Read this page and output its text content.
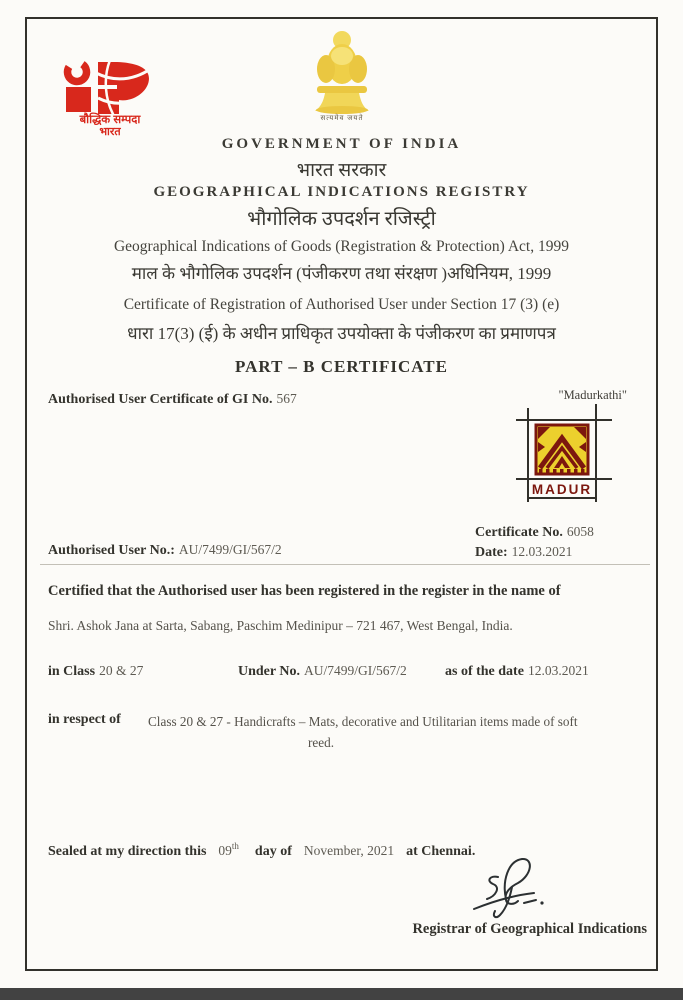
बौद्धिक सम्पदा
भारत
सत्यमेव जयते
GOVERNMENT OF INDIA
भारत सरकार
GEOGRAPHICAL INDICATIONS REGISTRY
भौगोलिक उपदर्शन रजिस्ट्री
Geographical Indications of Goods (Registration & Protection) Act, 1999
माल के भौगोलिक उपदर्शन (पंजीकरण तथा संरक्षण )अधिनियम, 1999
Certificate of Registration of Authorised User under Section 17 (3) (e)
धारा 17(3) (ई) के अधीन प्राधिकृत उपयोक्ता के पंजीकरण का प्रमाणपत्र
PART – B CERTIFICATE
Authorised User Certificate of GI No. 567	"Madurkathi"
MADUR
Certificate No. 6058
Date: 12.03.2021
Authorised User No.: AU/7499/GI/567/2
Certified that the Authorised user has been registered in the register in the name of
Shri. Ashok Jana at Sarta, Sabang, Paschim Medinipur – 721 467, West Bengal, India.
in Class 20 & 27	Under No. AU/7499/GI/567/2	as of the date 12.03.2021
in respect of Class 20 & 27 - Handicrafts – Mats, decorative and Utilitarian items made of soft
reed.
Sealed at my direction this 09th day of November, 2021 at Chennai.
Registrar of Geographical Indications
